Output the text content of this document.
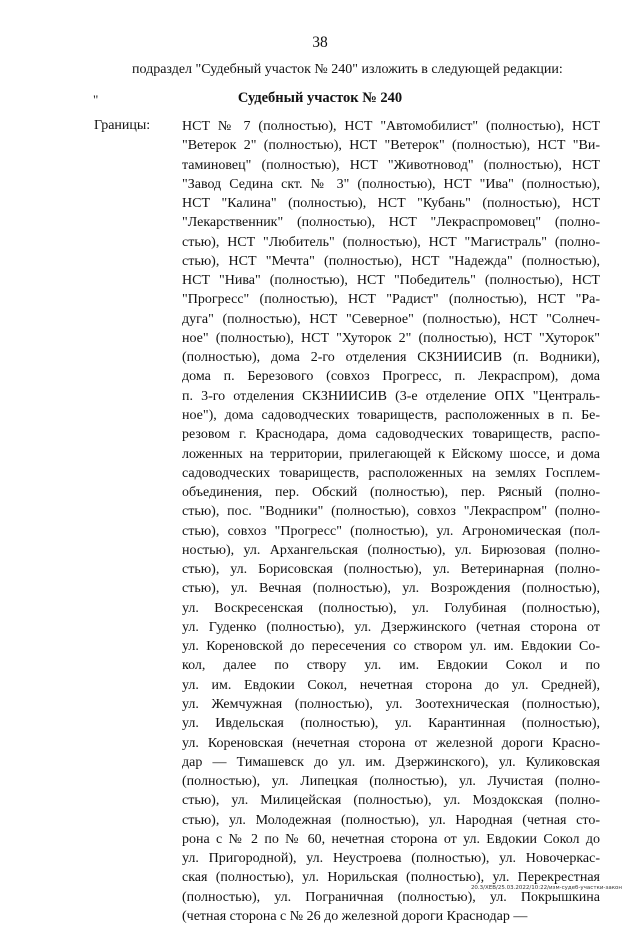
38
подраздел "Судебный участок № 240" изложить в следующей редакции:
"	Судебный участок № 240
Границы: НСТ № 7 (полностью), НСТ "Автомобилист" (полностью), НСТ
"Ветерок 2" (полностью), НСТ "Ветерок" (полностью), НСТ "Ви-
таминовец" (полностью), НСТ "Животновод" (полностью), НСТ
"Завод Седина скт. № 3" (полностью), НСТ "Ива" (полностью),
НСТ "Калина" (полностью), НСТ "Кубань" (полностью), НСТ
"Лекарственник" (полностью), НСТ "Лекраспромовец" (полно-
стью), НСТ "Любитель" (полностью), НСТ "Магистраль" (полно-
стью), НСТ "Мечта" (полностью), НСТ "Надежда" (полностью),
НСТ "Нива" (полностью), НСТ "Победитель" (полностью), НСТ
"Прогресс" (полностью), НСТ "Радист" (полностью), НСТ "Ра-
дуга" (полностью), НСТ "Северное" (полностью), НСТ "Солнеч-
ное" (полностью), НСТ "Хуторок 2" (полностью), НСТ "Хуторок"
(полностью), дома 2-го отделения СКЗНИИСИВ (п. Водники),
дома п. Березового (совхоз Прогресс, п. Лекраспром), дома
п. 3-го отделения СКЗНИИСИВ (3-е отделение ОПХ "Централь-
ное"), дома садоводческих товариществ, расположенных в п. Бе-
резовом г. Краснодара, дома садоводческих товариществ, распо-
ложенных на территории, прилегающей к Ейскому шоссе, и дома
садоводческих товариществ, расположенных на землях Госплем-
объединения, пер. Обский (полностью), пер. Рясный (полно-
стью), пос. "Водники" (полностью), совхоз "Лекраспром" (полно-
стью), совхоз "Прогресс" (полностью), ул. Агрономическая (пол-
ностью), ул. Архангельская (полностью), ул. Бирюзовая (полно-
стью), ул. Борисовская (полностью), ул. Ветеринарная (полно-
стью), ул. Вечная (полностью), ул. Возрождения (полностью),
ул. Воскресенская (полностью), ул. Голубиная (полностью),
ул. Гуденко (полностью), ул. Дзержинского (четная сторона от
ул. Кореновской до пересечения со створом ул. им. Евдокии Со-
кол, далее по створу ул. им. Евдокии Сокол и по
ул. им. Евдокии Сокол, нечетная сторона до ул. Средней),
ул. Жемчужная (полностью), ул. Зоотехническая (полностью),
ул. Ивдельская (полностью), ул. Карантинная (полностью),
ул. Кореновская (нечетная сторона от железной дороги Красно-
дар — Тимашевск до ул. им. Дзержинского), ул. Куликовская
(полностью), ул. Липецкая (полностью), ул. Лучистая (полно-
стью), ул. Милицейская (полностью), ул. Моздокская (полно-
стью), ул. Молодежная (полностью), ул. Народная (четная сто-
рона с № 2 по № 60, нечетная сторона от ул. Евдокии Сокол до
ул. Пригородной), ул. Неустроева (полностью), ул. Новочеркас-
ская (полностью), ул. Норильская (полностью), ул. Перекрестная
(полностью), ул. Пограничная (полностью), ул. Покрышкина
(четная сторона с № 26 до железной дороги Краснодар —
20.3/ХЕВ/25.03.2022/10:22/изм-судеб-участки-закон
